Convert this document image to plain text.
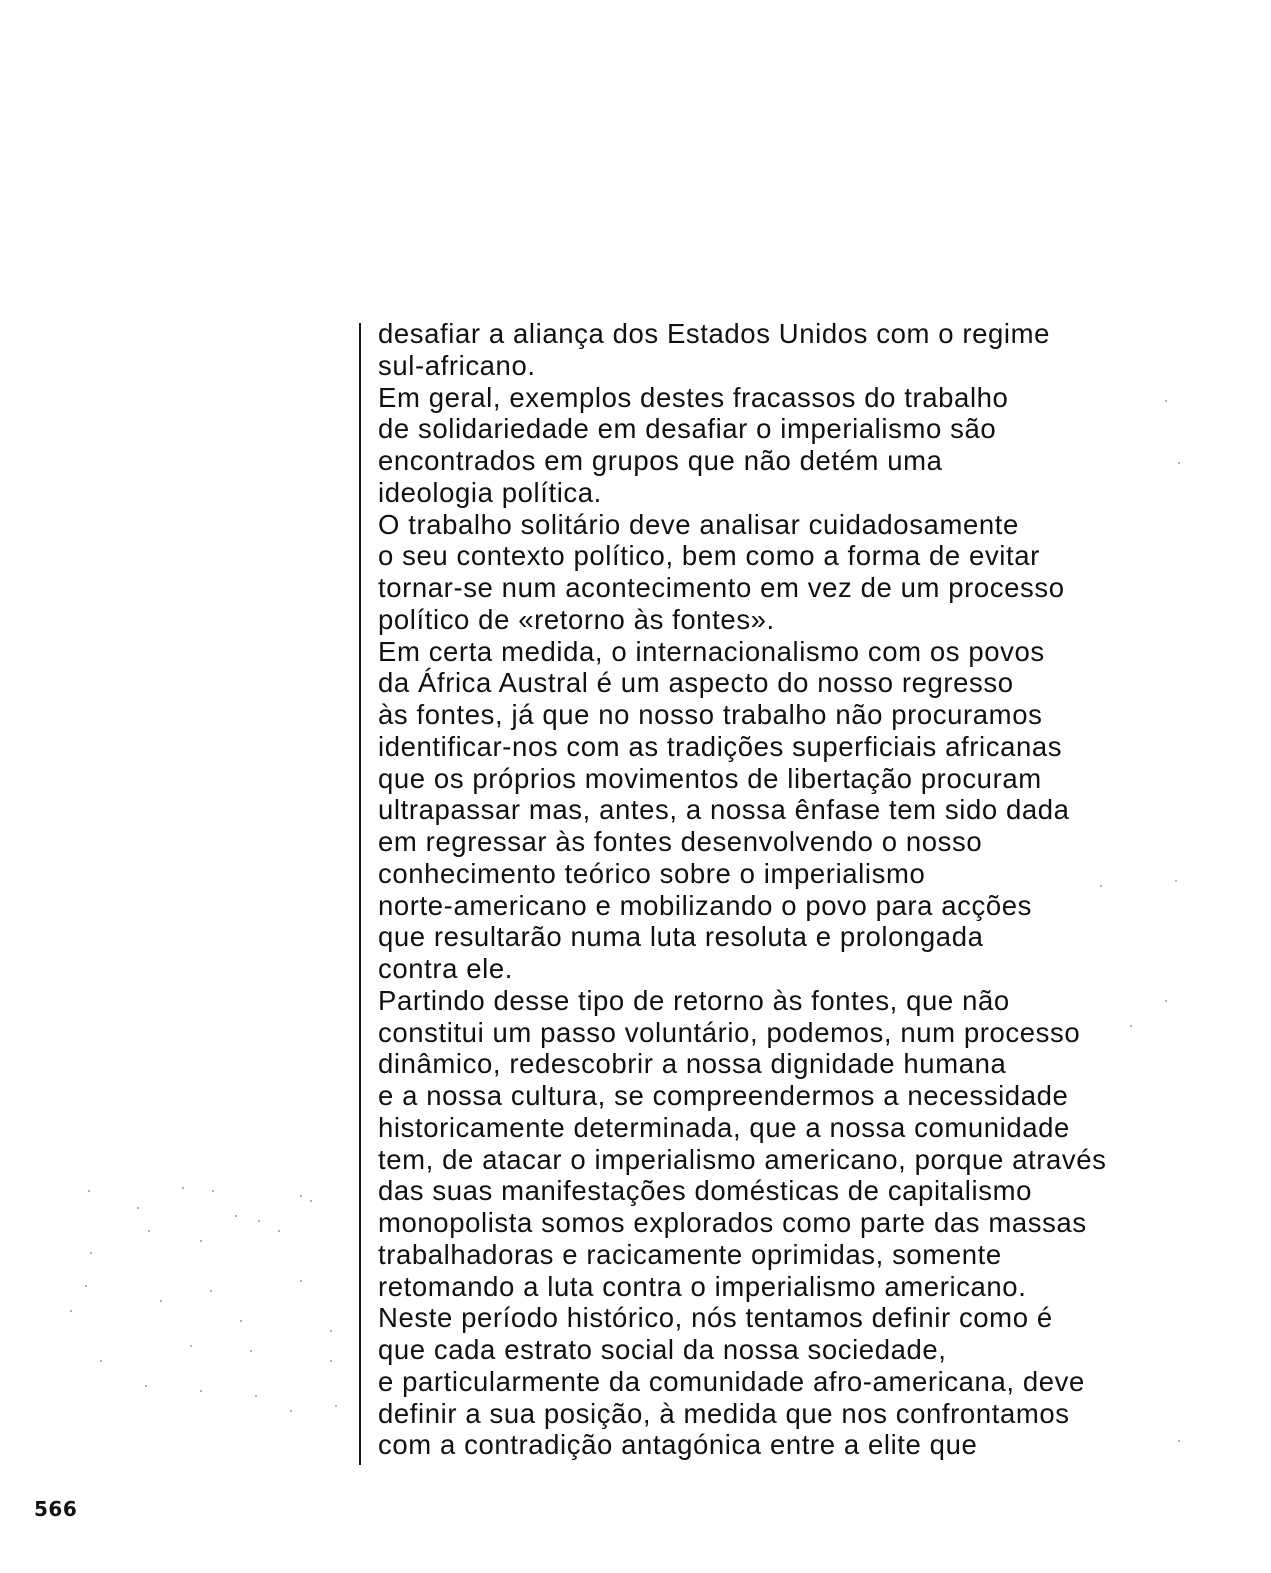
desafiar a aliança dos Estados Unidos com o regime
sul-africano.
Em geral, exemplos destes fracassos do trabalho
de solidariedade em desafiar o imperialismo são
encontrados em grupos que não detém uma
ideologia política.
O trabalho solitário deve analisar cuidadosamente
o seu contexto político, bem como a forma de evitar
tornar-se num acontecimento em vez de um processo
político de «retorno às fontes».
Em certa medida, o internacionalismo com os povos
da África Austral é um aspecto do nosso regresso
às fontes, já que no nosso trabalho não procuramos
identificar-nos com as tradições superficiais africanas
que os próprios movimentos de libertação procuram
ultrapassar mas, antes, a nossa ênfase tem sido dada
em regressar às fontes desenvolvendo o nosso
conhecimento teórico sobre o imperialismo
norte-americano e mobilizando o povo para acções
que resultarão numa luta resoluta e prolongada
contra ele.
Partindo desse tipo de retorno às fontes, que não
constitui um passo voluntário, podemos, num processo
dinâmico, redescobrir a nossa dignidade humana
e a nossa cultura, se compreendermos a necessidade
historicamente determinada, que a nossa comunidade
tem, de atacar o imperialismo americano, porque através
das suas manifestações domésticas de capitalismo
monopolista somos explorados como parte das massas
trabalhadoras e racicamente oprimidas, somente
retomando a luta contra o imperialismo americano.
Neste período histórico, nós tentamos definir como é
que cada estrato social da nossa sociedade,
e particularmente da comunidade afro-americana, deve
definir a sua posição, à medida que nos confrontamos
com a contradição antagónica entre a elite que
566
